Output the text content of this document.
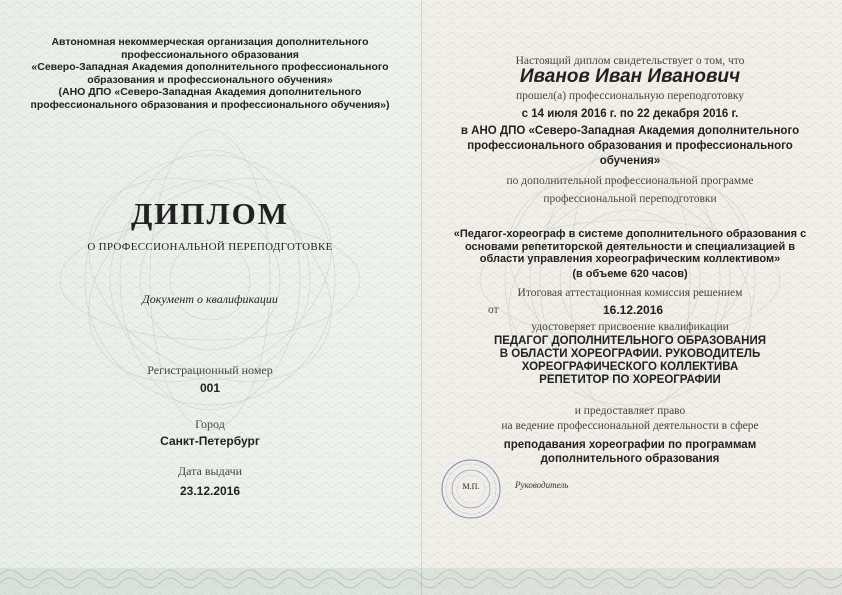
Автономная некоммерческая организация дополнительного
профессионального образования
«Северо-Западная Академия дополнительного профессионального
образования и профессионального обучения»
(АНО ДПО «Северо-Западная Академия дополнительного
профессионального образования и профессионального обучения»)
ДИПЛОМ
О ПРОФЕССИОНАЛЬНОЙ ПЕРЕПОДГОТОВКЕ
Документ о квалификации
Регистрационный номер
001
Город
Санкт-Петербург
Дата выдачи
23.12.2016
Настоящий диплом свидетельствует о том, что
Иванов Иван Иванович
прошел(а) профессиональную переподготовку
с 14 июля 2016 г. по 22 декабря 2016 г.
в АНО ДПО «Северо-Западная Академия дополнительного
профессионального образования и профессионального
обучения»
по дополнительной профессиональной программе
профессиональной переподготовки
«Педагог-хореограф в системе дополнительного образования с
основами репетиторской деятельности и специализацией в
области управления хореографическим коллективом»
(в объеме 620 часов)
Итоговая аттестационная комиссия решением
от	16.12.2016
удостоверяет присвоение квалификации
ПЕДАГОГ ДОПОЛНИТЕЛЬНОГО ОБРАЗОВАНИЯ
В ОБЛАСТИ ХОРЕОГРАФИИ. РУКОВОДИТЕЛЬ
ХОРЕОГРАФИЧЕСКОГО КОЛЛЕКТИВА
РЕПЕТИТОР ПО ХОРЕОГРАФИИ
и предоставляет право
на ведение профессиональной деятельности в сфере
преподавания хореографии по программам
дополнительного образования
М.П.	Руководитель
